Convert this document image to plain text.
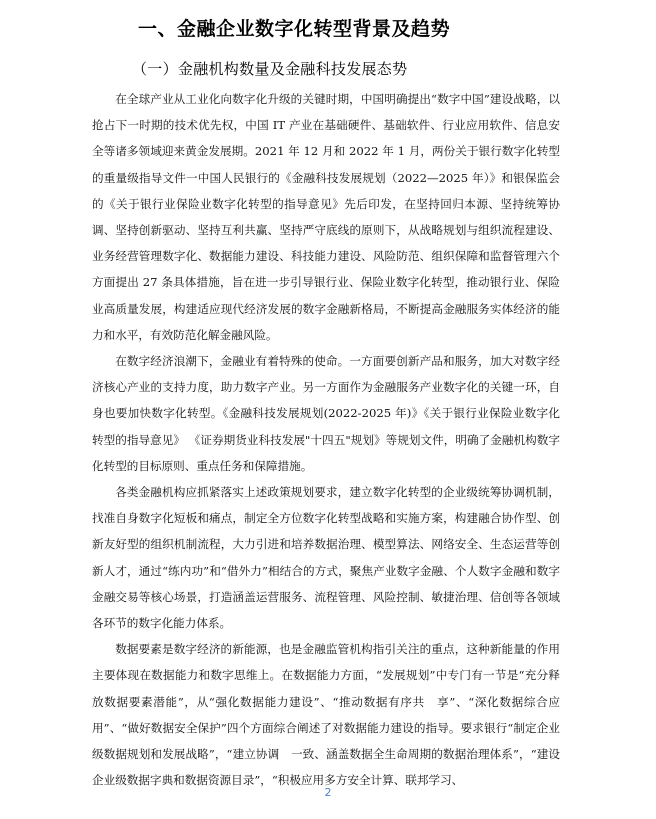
一、金融企业数字化转型背景及趋势
（一）金融机构数量及金融科技发展态势

在全球产业从工业化向数字化升级的关键时期，中国明确提出“数字中国”建设战略，以抢占下一时期的技术优先权，中国 IT 产业在基础硬件、基础软件、行业应用软件、信息安全等诸多领域迎来黄金发展期。2021 年 12 月和 2022 年 1 月，两份关于银行数字化转型的重量级指导文件一中国人民银行的《金融科技发展规划（2022—2025 年）》和银保监会的《关于银行业保险业数字化转型的指导意见》先后印发，在坚持回归本源、坚持统筹协调、坚持创新驱动、坚持互利共赢、坚持严守底线的原则下，从战略规划与组织流程建设、业务经营管理数字化、数据能力建设、科技能力建设、风险防范、组织保障和监督管理六个方面提出 27 条具体措施，旨在进一步引导银行业、保险业数字化转型，推动银行业、保险业高质量发展，构建适应现代经济发展的数字金融新格局，不断提高金融服务实体经济的能力和水平，有效防范化解金融风险。

在数字经济浪潮下，金融业有着特殊的使命。一方面要创新产品和服务，加大对数字经济核心产业的支持力度，助力数字产业。另一方面作为金融服务产业数字化的关键一环，自身也要加快数字化转型。《金融科技发展规划(2022-2025 年)》《关于银行业保险业数字化转型的指导意见》 《证券期货业科技发展"十四五"规划》等规划文件，明确了金融机构数字化转型的目标原则、重点任务和保障措施。

各类金融机构应抓紧落实上述政策规划要求，建立数字化转型的企业级统筹协调机制，找准自身数字化短板和痛点，制定全方位数字化转型战略和实施方案，构建融合协作型、创新友好型的组织机制流程，大力引进和培养数据治理、模型算法、网络安全、生态运营等创新人才，通过“练内功”和“借外力”相结合的方式，聚焦产业数字金融、个人数字金融和数字金融交易等核心场景，打造涵盖运营服务、流程管理、风险控制、敏捷治理、信创等各领域各环节的数字化能力体系。

数据要素是数字经济的新能源，也是金融监管机构指引关注的重点，这种新能量的作用主要体现在数据能力和数字思维上。在数据能力方面，“发展规划”中专门有一节是“充分释放数据要素潜能”，从“强化数据能力建设”、“推动数据有序共　享”、“深化数据综合应用”、“做好数据安全保护”四个方面综合阐述了对数据能力建设的指导。要求银行“制定企业级数据规划和发展战略”，“建立协调　一致、涵盖数据全生命周期的数据治理体系”，“建设企业级数据字典和数据资源目录”，“积极应用多方安全计算、联邦学习、

2
